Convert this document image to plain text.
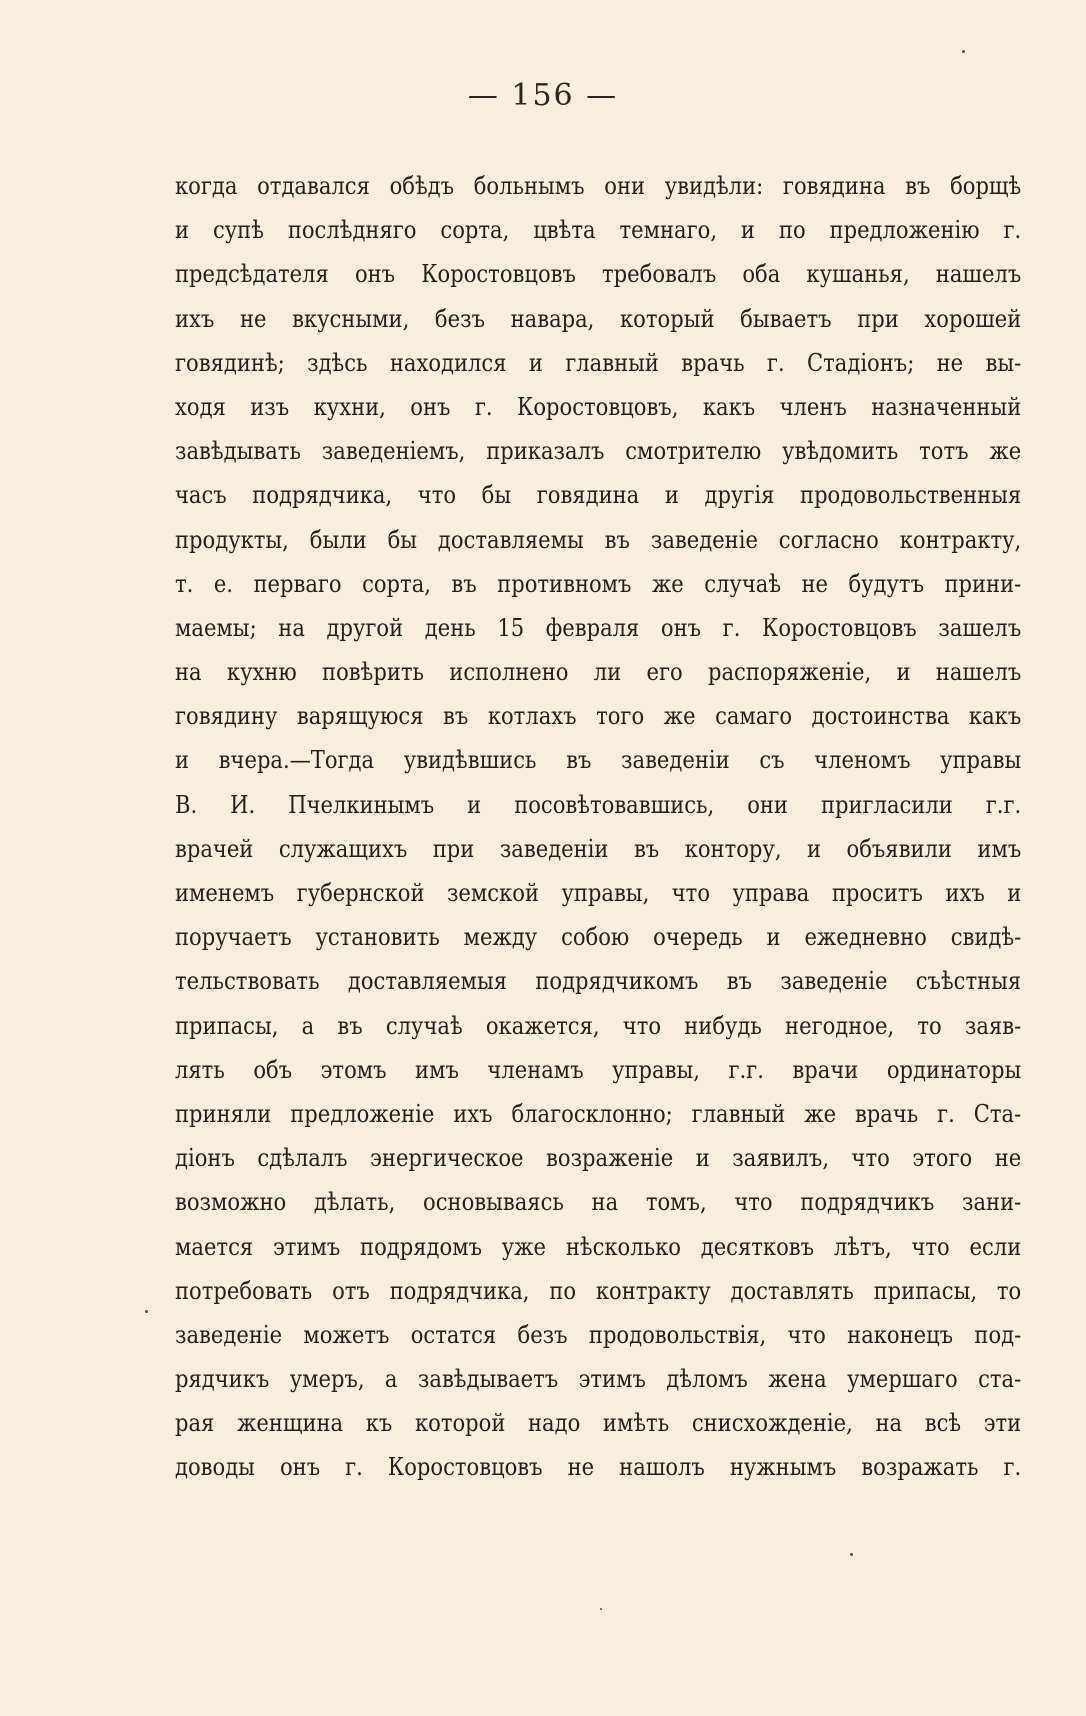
— 156 —
когда отдавался обѣдъ больнымъ они увидѣли: говядина въ борщѣ
и супѣ послѣдняго сорта, цвѣта темнаго, и по предложенію г.
предсѣдателя онъ Коростовцовъ требовалъ оба кушанья, нашелъ
ихъ не вкусными, безъ навара, который бываетъ при хорошей
говядинѣ; здѣсь находился и главный врачь г. Стадіонъ; не вы-
ходя изъ кухни, онъ г. Коростовцовъ, какъ членъ назначенный
завѣдывать заведеніемъ, приказалъ смотрителю увѣдомить тотъ же
часъ подрядчика, что бы говядина и другія продовольственныя
продукты, были бы доставляемы въ заведеніе согласно контракту,
т. е. перваго сорта, въ противномъ же случаѣ не будутъ прини-
маемы; на другой день 15 февраля онъ г. Коростовцовъ зашелъ
на кухню повѣрить исполнено ли его распоряженіе, и нашелъ
говядину варящуюся въ котлахъ того же самаго достоинства какъ
и вчера.—Тогда увидѣвшись въ заведеніи съ членомъ управы
В. И. Пчелкинымъ и посовѣтовавшись, они пригласили г.г.
врачей служащихъ при заведеніи въ контору, и объявили имъ
именемъ губернской земской управы, что управа проситъ ихъ и
поручаетъ установить между собою очередь и ежедневно свидѣ-
тельствовать доставляемыя подрядчикомъ въ заведеніе съѣстныя
припасы, а въ случаѣ окажется, что нибудь негодное, то заяв-
лять объ этомъ имъ членамъ управы, г.г. врачи ординаторы
приняли предложеніе ихъ благосклонно; главный же врачь г. Ста-
діонъ сдѣлалъ энергическое возраженіе и заявилъ, что этого не
возможно дѣлать, основываясь на томъ, что подрядчикъ зани-
мается этимъ подрядомъ уже нѣсколько десятковъ лѣтъ, что если
потребовать отъ подрядчика, по контракту доставлять припасы, то
заведеніе можетъ остатся безъ продовольствія, что наконецъ под-
рядчикъ умеръ, а завѣдываетъ этимъ дѣломъ жена умершаго ста-
рая женщина къ которой надо имѣть снисхожденіе, на всѣ эти
доводы онъ г. Коростовцовъ не нашолъ нужнымъ возражать г.
